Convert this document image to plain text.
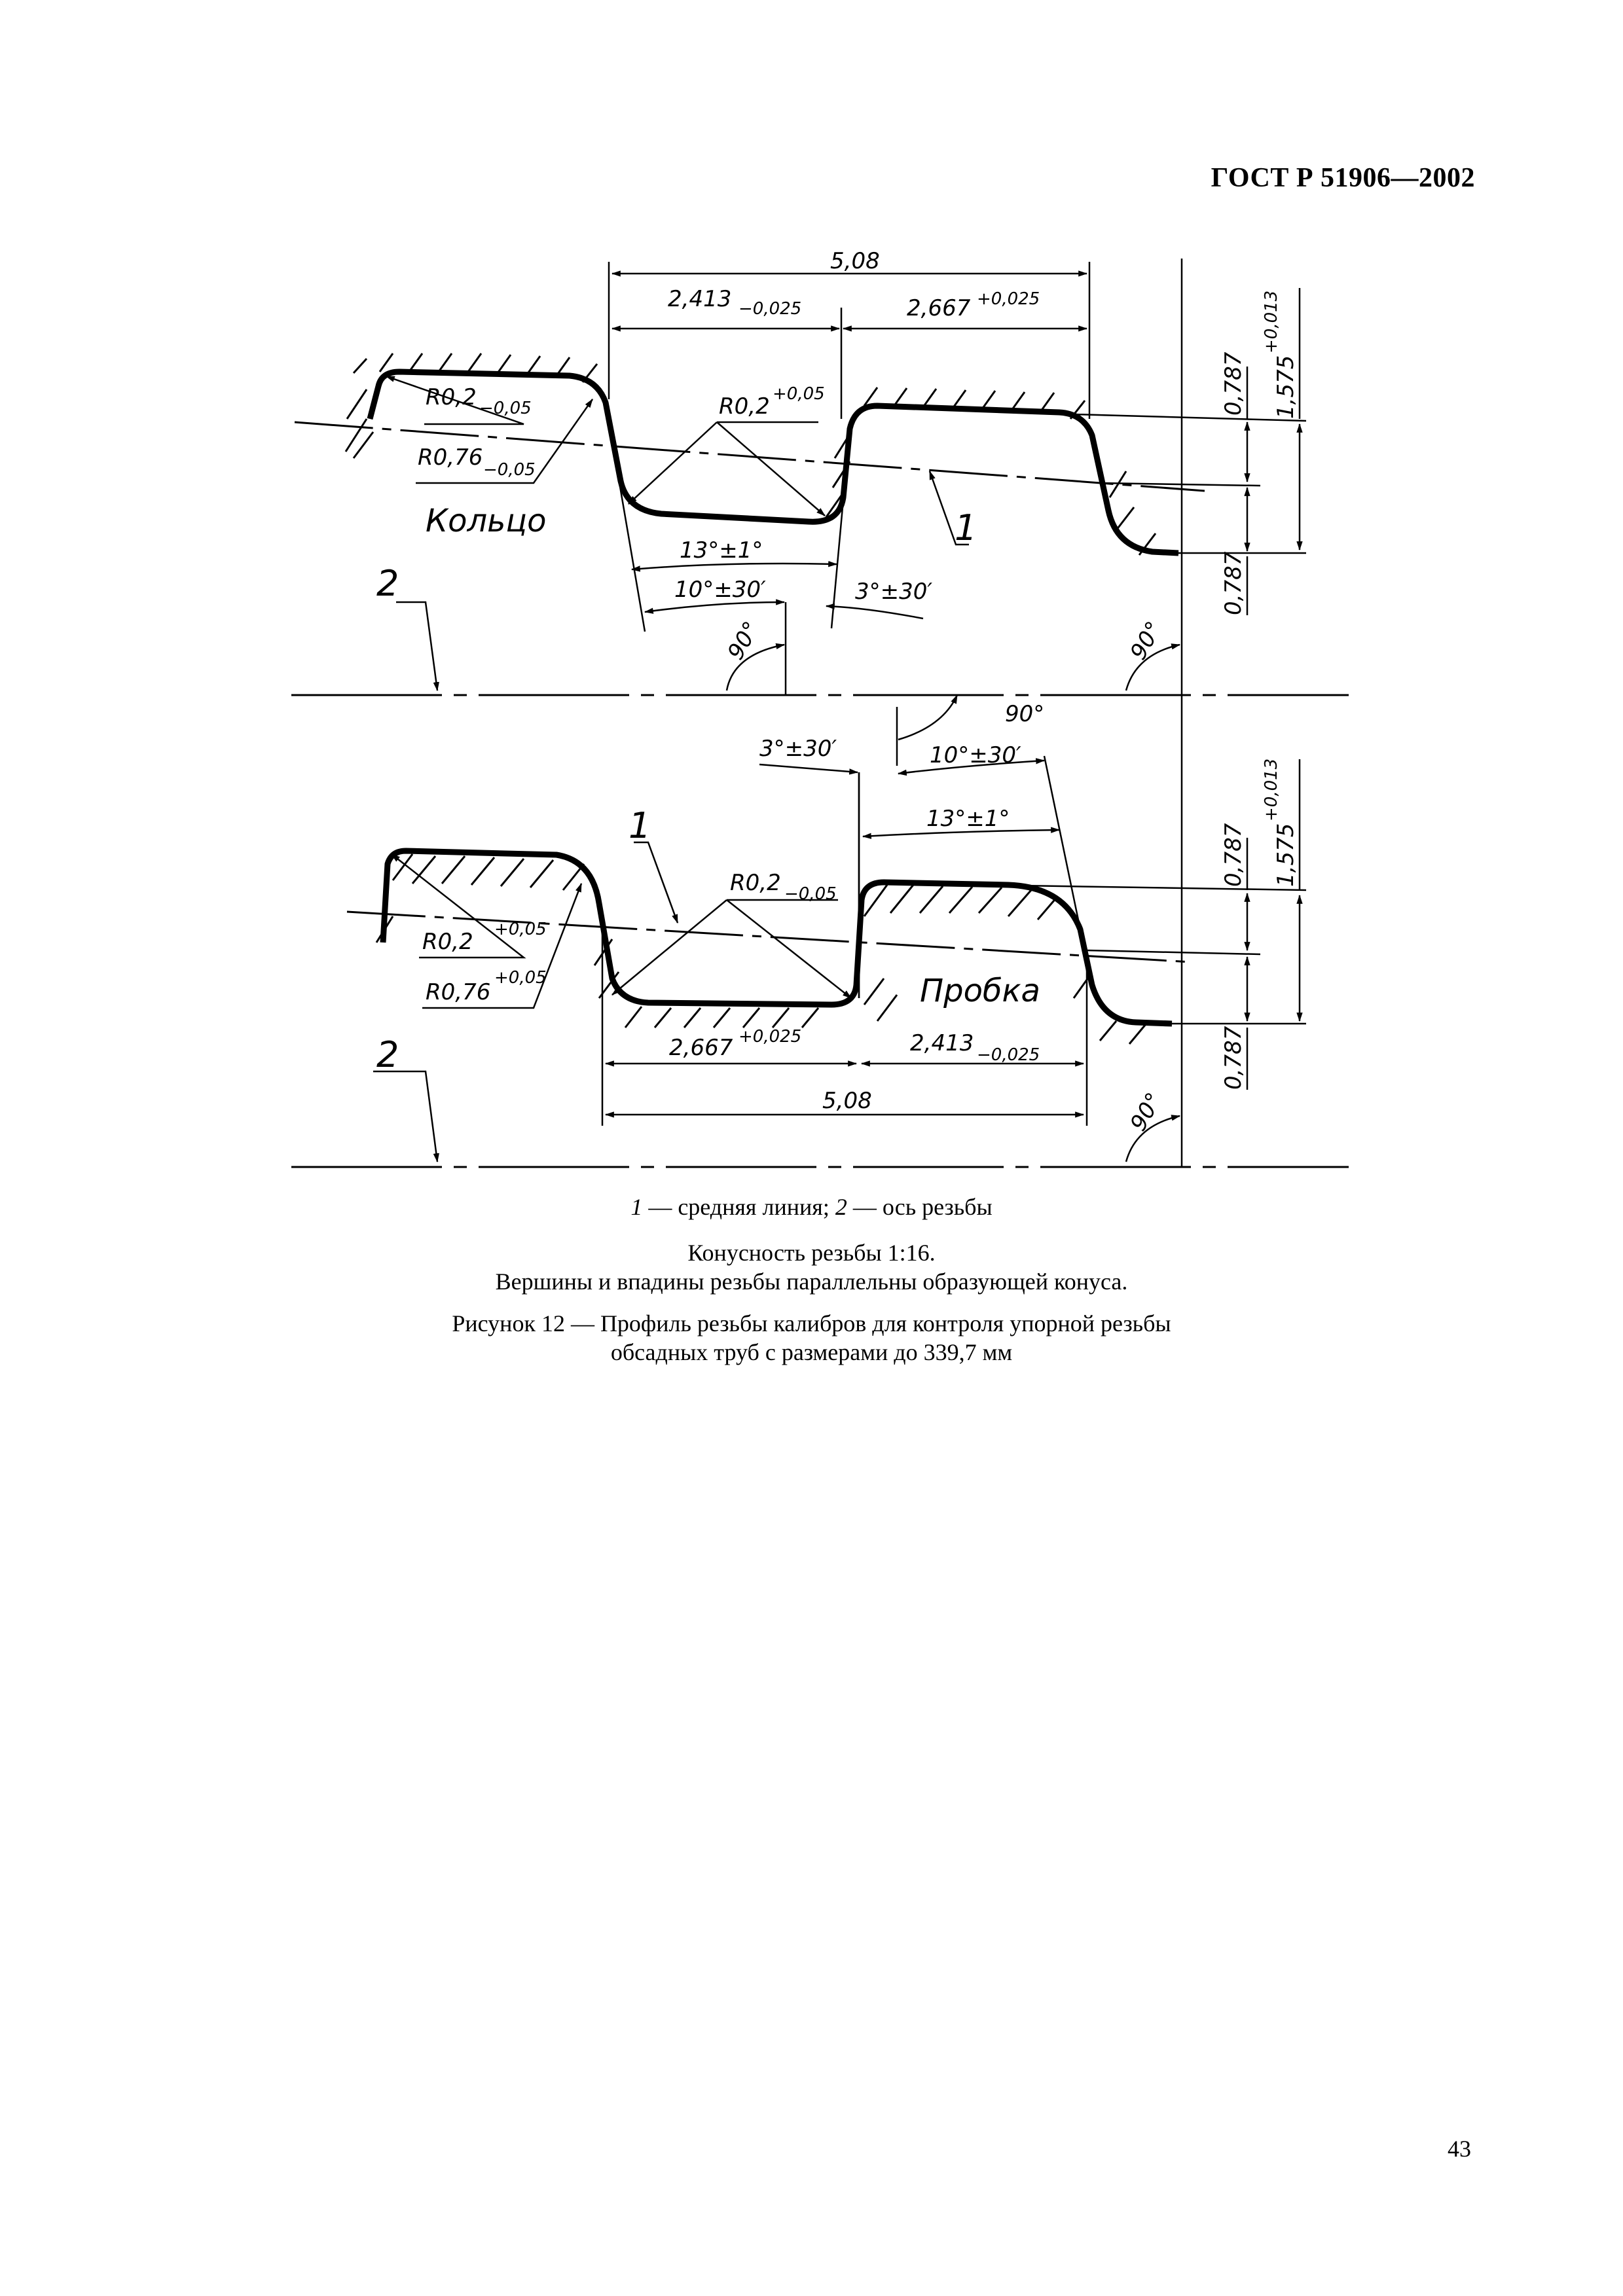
ГОСТ Р 51906—2002
5,08
2,413 −0,025	2,667 +0,025
R0,2 −0,05
R0,76 −0,05
R0,2 +0,05
13°±1°
10°±30′	3°±30′
90°	90°
0,787
0,787
1,575
+0,013
Кольцо	1
2
5,08
2,667 +0,025	2,413 −0,025
R0,2 +0,05
R0,76
+0,05
R0,2 −0,05
13°±1°
10°±30′
3°±30′
90°
90°
0,787
0,787
1,575
+0,013
Пробка
1
2
1 — средняя линия; 2 — ось резьбы
Конусность резьбы 1:16.
Вершины и впадины резьбы параллельны образующей конуса.
Рисунок 12 — Профиль резьбы калибров для контроля упорной резьбы
обсадных труб с размерами до 339,7 мм
43
